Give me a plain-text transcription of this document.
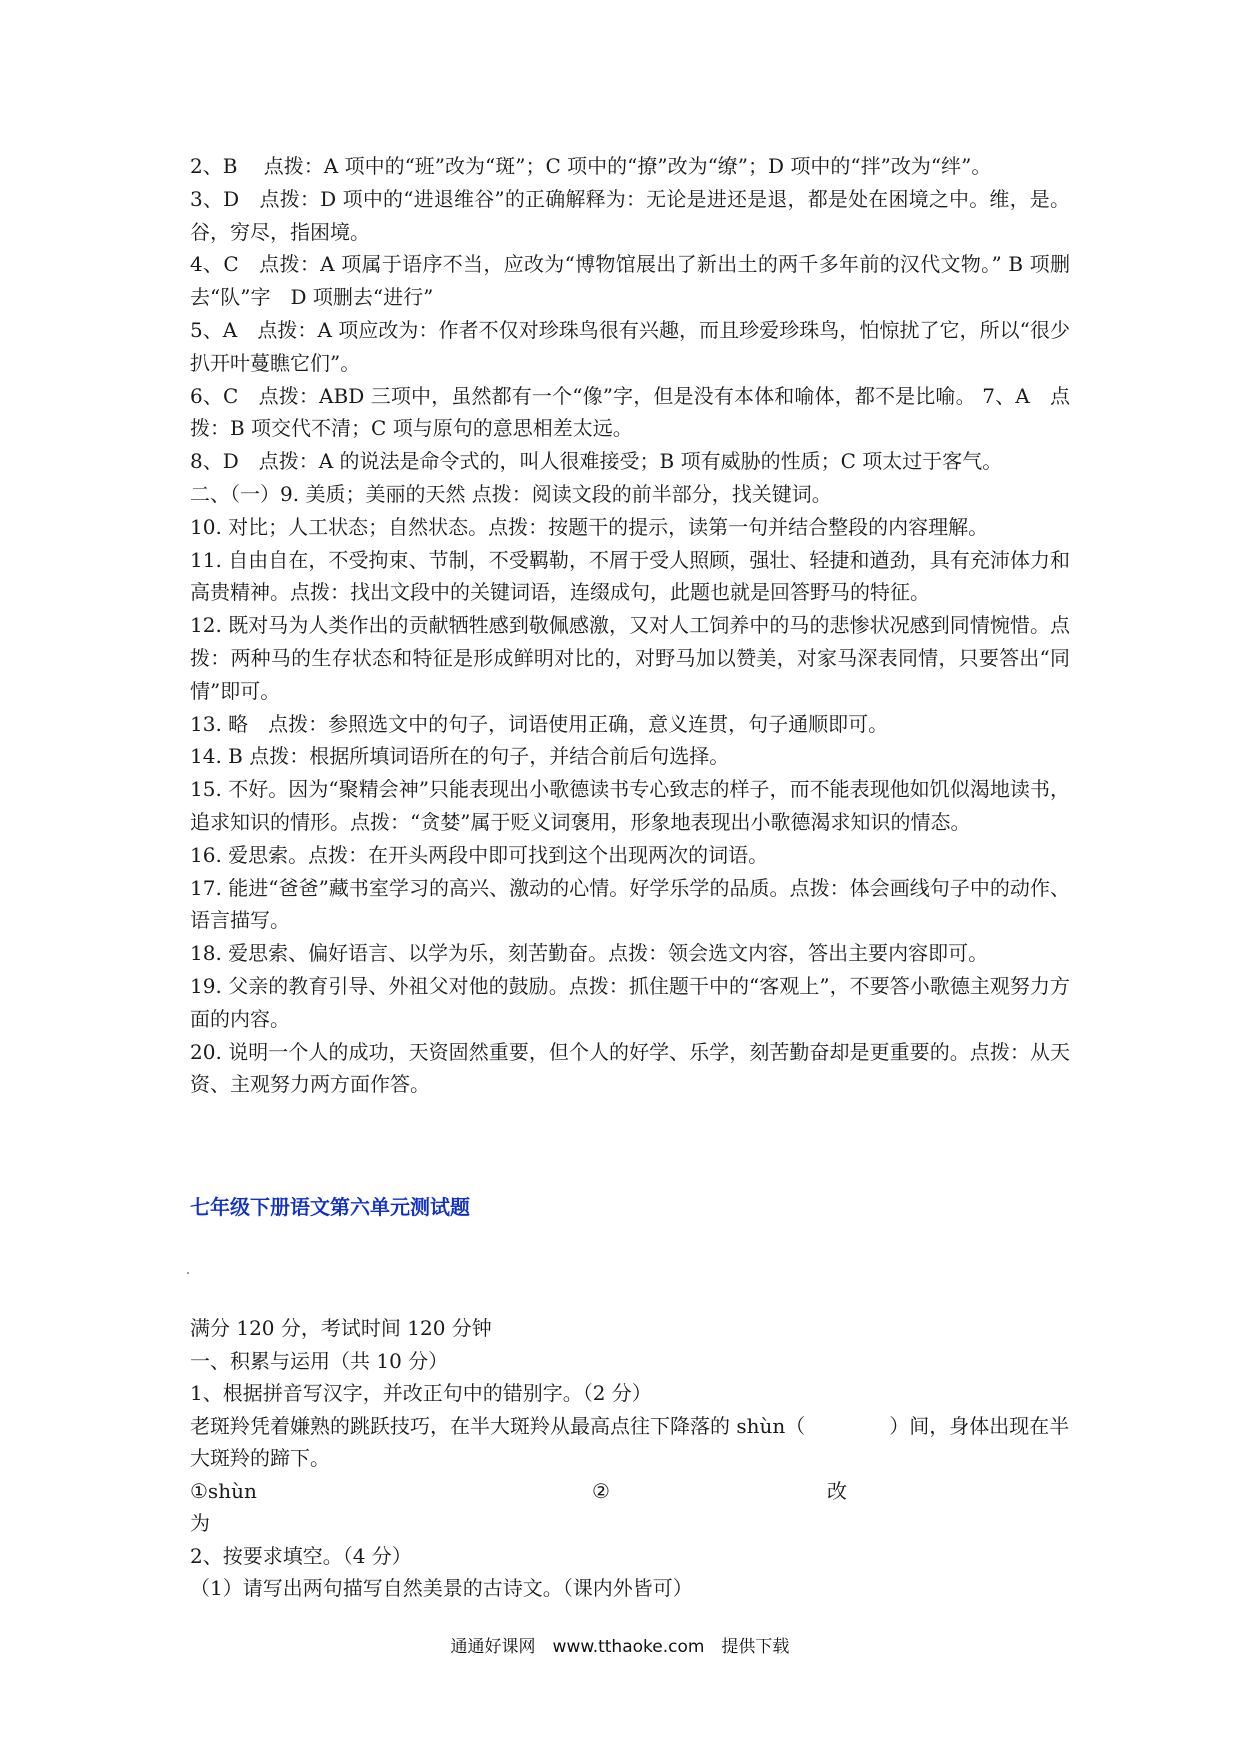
2、B　 点拨：A 项中的“班”改为“斑”；C 项中的“撩”改为“缭”；D 项中的“拌”改为“绊”。

3、D　点拨：D 项中的“进退维谷”的正确解释为：无论是进还是退，都是处在困境之中。维，是。谷，穷尽，指困境。

4、C　点拨：A 项属于语序不当，应改为“博物馆展出了新出土的两千多年前的汉代文物。” B 项删去“队”字　D 项删去“进行”

5、A　点拨：A 项应改为：作者不仅对珍珠鸟很有兴趣，而且珍爱珍珠鸟，怕惊扰了它，所以“很少扒开叶蔓瞧它们”。

6、C　点拨：ABD 三项中，虽然都有一个“像”字，但是没有本体和喻体，都不是比喻。 7、A　点拨：B 项交代不清；C 项与原句的意思相差太远。

8、D　点拨：A 的说法是命令式的，叫人很难接受；B 项有威胁的性质；C 项太过于客气。

二、（一）9. 美质；美丽的天然 点拨：阅读文段的前半部分，找关键词。

10. 对比；人工状态；自然状态。点拨：按题干的提示，读第一句并结合整段的内容理解。

11. 自由自在，不受拘束、节制，不受羁勒，不屑于受人照顾，强壮、轻捷和遒劲，具有充沛体力和高贵精神。点拨：找出文段中的关键词语，连缀成句，此题也就是回答野马的特征。

12. 既对马为人类作出的贡献牺牲感到敬佩感激，又对人工饲养中的马的悲惨状况感到同情惋惜。点拨：两种马的生存状态和特征是形成鲜明对比的，对野马加以赞美，对家马深表同情，只要答出“同情”即可。

13. 略　点拨：参照选文中的句子，词语使用正确，意义连贯，句子通顺即可。

14. B 点拨：根据所填词语所在的句子，并结合前后句选择。

15. 不好。因为“聚精会神”只能表现出小歌德读书专心致志的样子，而不能表现他如饥似渴地读书，追求知识的情形。点拨：“贪婪”属于贬义词褒用，形象地表现出小歌德渴求知识的情态。

16. 爱思索。点拨：在开头两段中即可找到这个出现两次的词语。

17. 能进“爸爸”藏书室学习的高兴、激动的心情。好学乐学的品质。点拨：体会画线句子中的动作、语言描写。

18. 爱思索、偏好语言、以学为乐，刻苦勤奋。点拨：领会选文内容，答出主要内容即可。

19. 父亲的教育引导、外祖父对他的鼓励。点拨：抓住题干中的“客观上”，不要答小歌德主观努力方面的内容。

20. 说明一个人的成功，天资固然重要，但个人的好学、乐学，刻苦勤奋却是更重要的。点拨：从天资、主观努力两方面作答。

七年级下册语文第六单元测试题

满分 120 分，考试时间 120 分钟

一、积累与运用（共 10 分）

1、根据拼音写汉字，并改正句中的错别字。（2 分）

老斑羚凭着嫌熟的跳跃技巧，在半大斑羚从最高点往下降落的 shùn（	）间，身体出现在半大斑羚的蹄下。

①shùn	②	改

为

2、按要求填空。（4 分）

（1）请写出两句描写自然美景的古诗文。（课内外皆可）

通通好课网　www.tthaoke.com　提供下载
